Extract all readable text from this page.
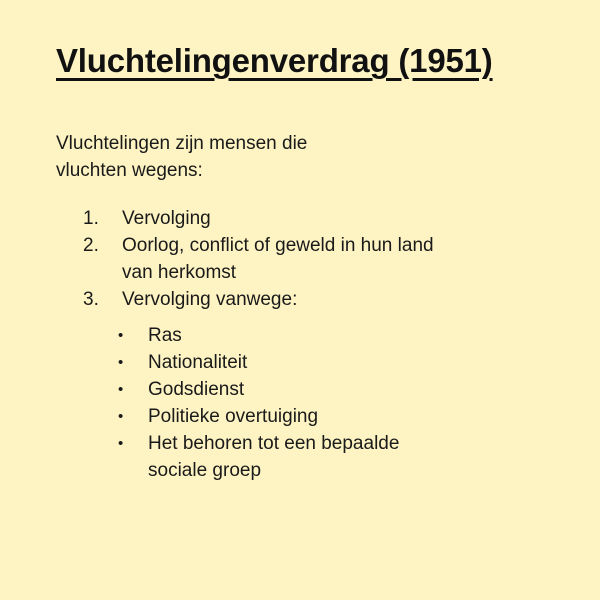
Vluchtelingenverdrag (1951)

Vluchtelingen zijn mensen die vluchten wegens:

1.	Vervolging
2.	Oorlog, conflict of geweld in hun land van herkomst
3.	Vervolging vanwege:
•	Ras
•	Nationaliteit
•	Godsdienst
•	Politieke overtuiging
•	Het behoren tot een bepaalde sociale groep
